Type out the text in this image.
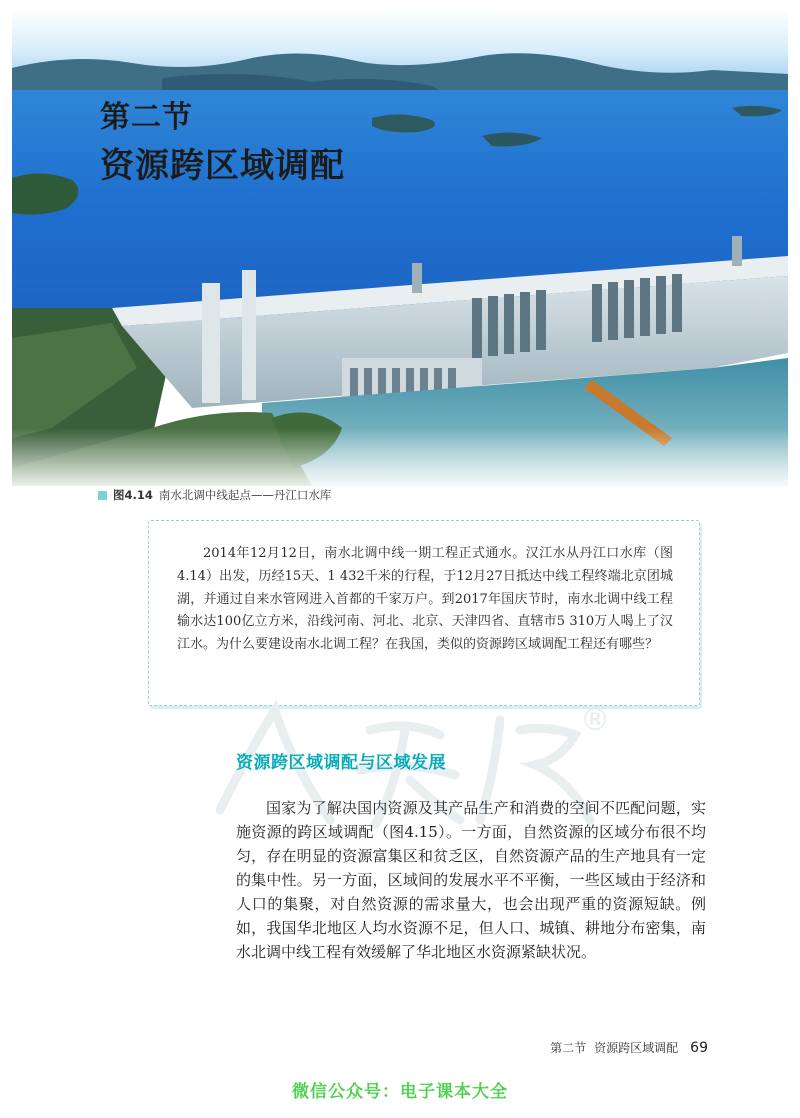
第二节
资源跨区域调配
图4.14 南水北调中线起点——丹江口水库

2014年12月12日，南水北调中线一期工程正式通水。汉江水从丹江口水库（图4.14）出发，历经15天、1 432千米的行程，于12月27日抵达中线工程终端北京团城湖，并通过自来水管网进入首都的千家万户。到2017年国庆节时，南水北调中线工程输水达100亿立方米，沿线河南、河北、北京、天津四省、直辖市5 310万人喝上了汉江水。为什么要建设南水北调工程？在我国，类似的资源跨区域调配工程还有哪些？

®
资源跨区域调配与区域发展

国家为了解决国内资源及其产品生产和消费的空间不匹配问题，实施资源的跨区域调配（图4.15）。一方面，自然资源的区域分布很不均匀，存在明显的资源富集区和贫乏区，自然资源产品的生产地具有一定的集中性。另一方面，区域间的发展水平不平衡，一些区域由于经济和人口的集聚，对自然资源的需求量大，也会出现严重的资源短缺。例如，我国华北地区人均水资源不足，但人口、城镇、耕地分布密集，南水北调中线工程有效缓解了华北地区水资源紧缺状况。

第二节 资源跨区域调配 69
微信公众号：电子课本大全
